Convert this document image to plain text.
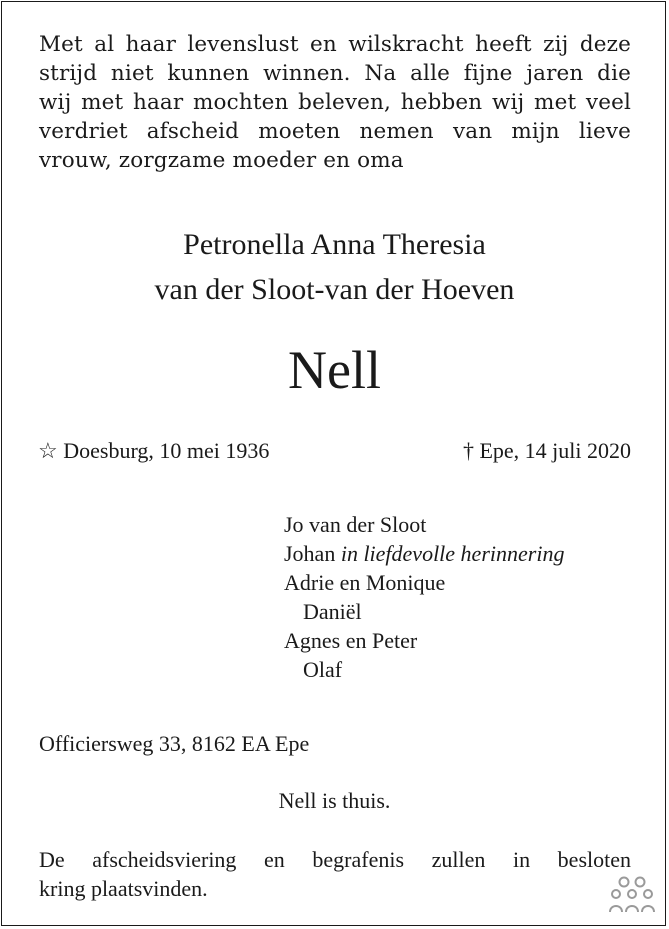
Met al haar levenslust en wilskracht heeft zij deze
strijd niet kunnen winnen. Na alle fijne jaren die
wij met haar mochten beleven, hebben wij met veel
verdriet afscheid moeten nemen van mijn lieve
vrouw, zorgzame moeder en oma
Petronella Anna Theresia
van der Sloot-van der Hoeven
Nell
☆ Doesburg, 10 mei 1936	† Epe, 14 juli 2020
Jo van der Sloot
Johan in liefdevolle herinnering
Adrie en Monique
Daniël
Agnes en Peter
Olaf
Officiersweg 33, 8162 EA Epe
Nell is thuis.
De afscheidsviering en begrafenis zullen in besloten
kring plaatsvinden.
